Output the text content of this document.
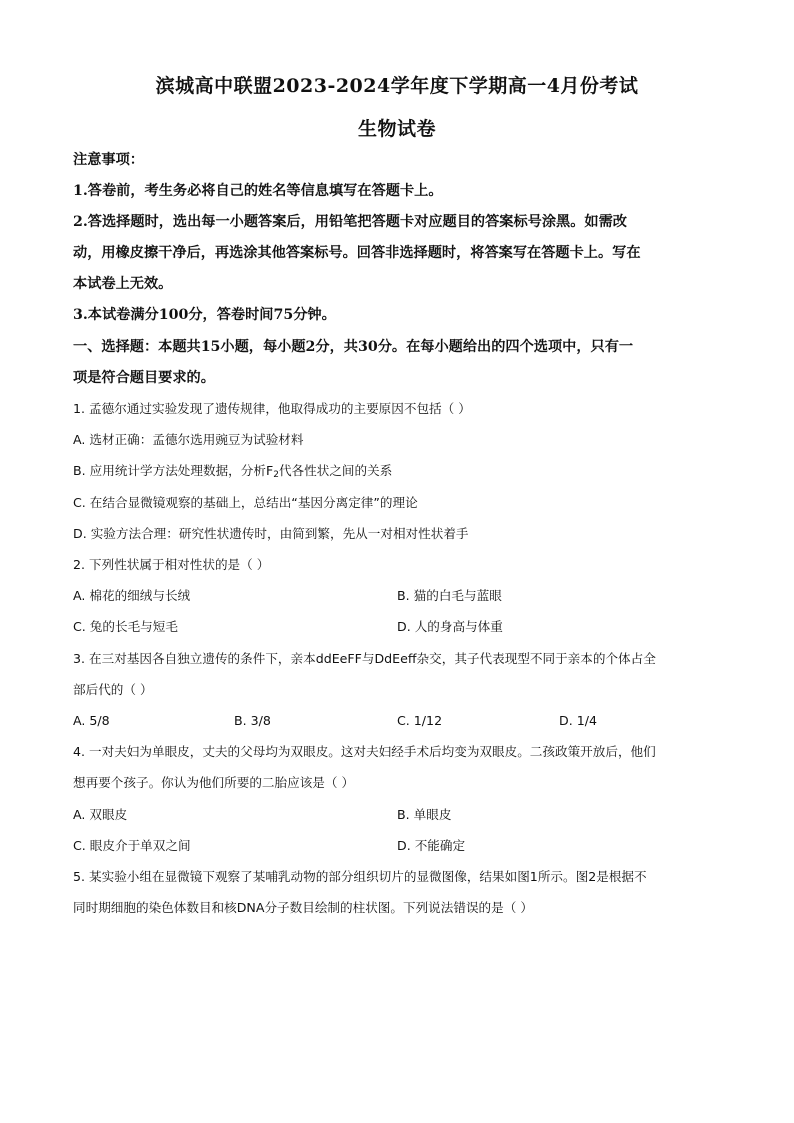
滨城高中联盟2023-2024学年度下学期高一4月份考试
生物试卷
注意事项：
1.答卷前，考生务必将自己的姓名等信息填写在答题卡上。
2.答选择题时，选出每一小题答案后，用铅笔把答题卡对应题目的答案标号涂黑。如需改
动，用橡皮擦干净后，再选涂其他答案标号。回答非选择题时，将答案写在答题卡上。写在
本试卷上无效。
3.本试卷满分100分，答卷时间75分钟。
一、选择题：本题共15小题，每小题2分，共30分。在每小题给出的四个选项中，只有一
项是符合题目要求的。
1. 孟德尔通过实验发现了遗传规律，他取得成功的主要原因不包括（ ）
A. 选材正确：孟德尔选用豌豆为试验材料
B. 应用统计学方法处理数据，分析$F_2$代各性状之间的关系
C. 在结合显微镜观察的基础上，总结出“基因分离定律”的理论
D. 实验方法合理：研究性状遗传时，由简到繁，先从一对相对性状着手
2. 下列性状属于相对性状的是（ ）
A. 棉花的细绒与长绒	B. 猫的白毛与蓝眼
C. 兔的长毛与短毛	D. 人的身高与体重
3. 在三对基因各自独立遗传的条件下，亲本ddEeFF与DdEeff杂交，其子代表现型不同于亲本的个体占全
部后代的（ ）
A. 5/8	B. 3/8	C. 1/12	D. 1/4
4. 一对夫妇为单眼皮，丈夫的父母均为双眼皮。这对夫妇经手术后均变为双眼皮。二孩政策开放后，他们
想再要个孩子。你认为他们所要的二胎应该是（ ）
A. 双眼皮	B. 单眼皮
C. 眼皮介于单双之间	D. 不能确定
5. 某实验小组在显微镜下观察了某哺乳动物的部分组织切片的显微图像，结果如图1所示。图2是根据不
同时期细胞的染色体数目和核DNA分子数目绘制的柱状图。下列说法错误的是（ ）
